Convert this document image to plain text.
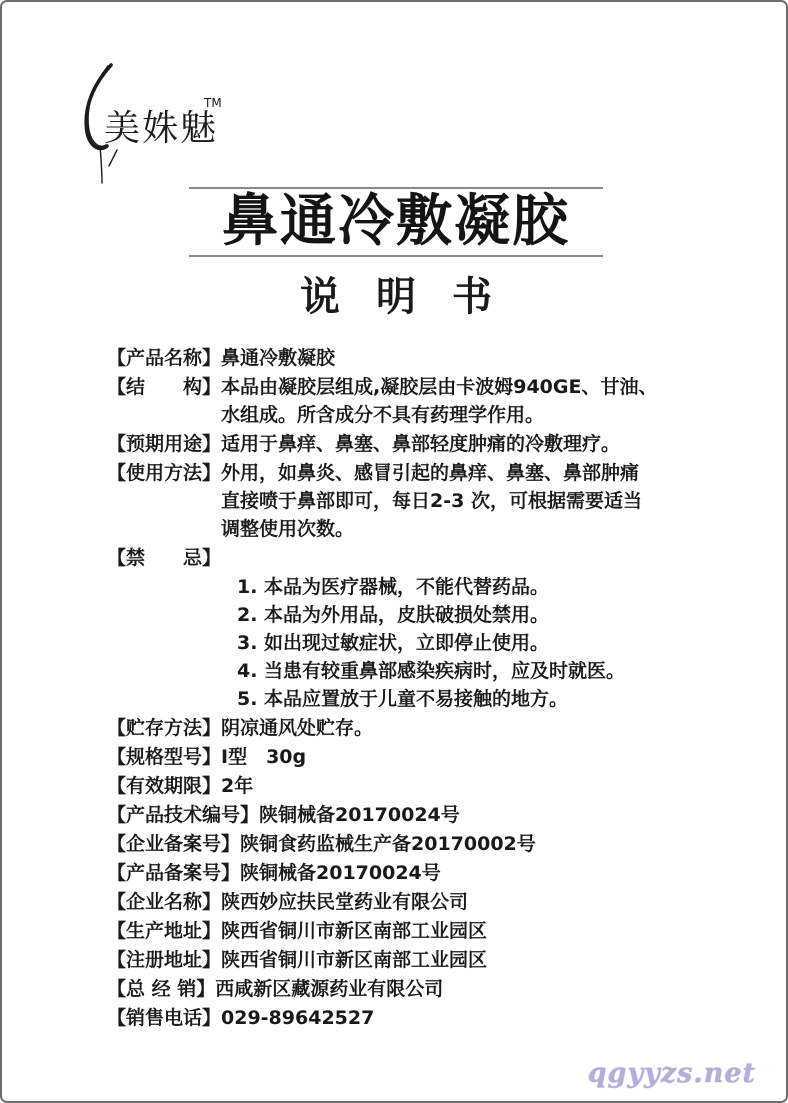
美姝魅
TM
鼻通冷敷凝胶
说明书
【产品名称】 鼻通冷敷凝胶
【结　　构】 本品由凝胶层组成,凝胶层由卡波姆940GE、甘油、
水组成。所含成分不具有药理学作用。
【预期用途】 适用于鼻痒、鼻塞、鼻部轻度肿痛的冷敷理疗。
【使用方法】 外用，如鼻炎、感冒引起的鼻痒、鼻塞、鼻部肿痛
直接喷于鼻部即可，每日2-3 次，可根据需要适当
调整使用次数。
【禁　　忌】
1. 本品为医疗器械，不能代替药品。
2. 本品为外用品，皮肤破损处禁用。
3. 如出现过敏症状，立即停止使用。
4. 当患有较重鼻部感染疾病时，应及时就医。
5. 本品应置放于儿童不易接触的地方。
【贮存方法】 阴凉通风处贮存。
【规格型号】 I型　30g
【有效期限】 2年
【产品技术编号】 陕铜械备20170024号
【企业备案号】 陕铜食药监械生产备20170002号
【产品备案号】 陕铜械备20170024号
【企业名称】 陕西妙应扶民堂药业有限公司
【生产地址】 陕西省铜川市新区南部工业园区
【注册地址】 陕西省铜川市新区南部工业园区
【总 经 销】 西咸新区藏源药业有限公司
【销售电话】 029-89642527
qgyyzs.net
